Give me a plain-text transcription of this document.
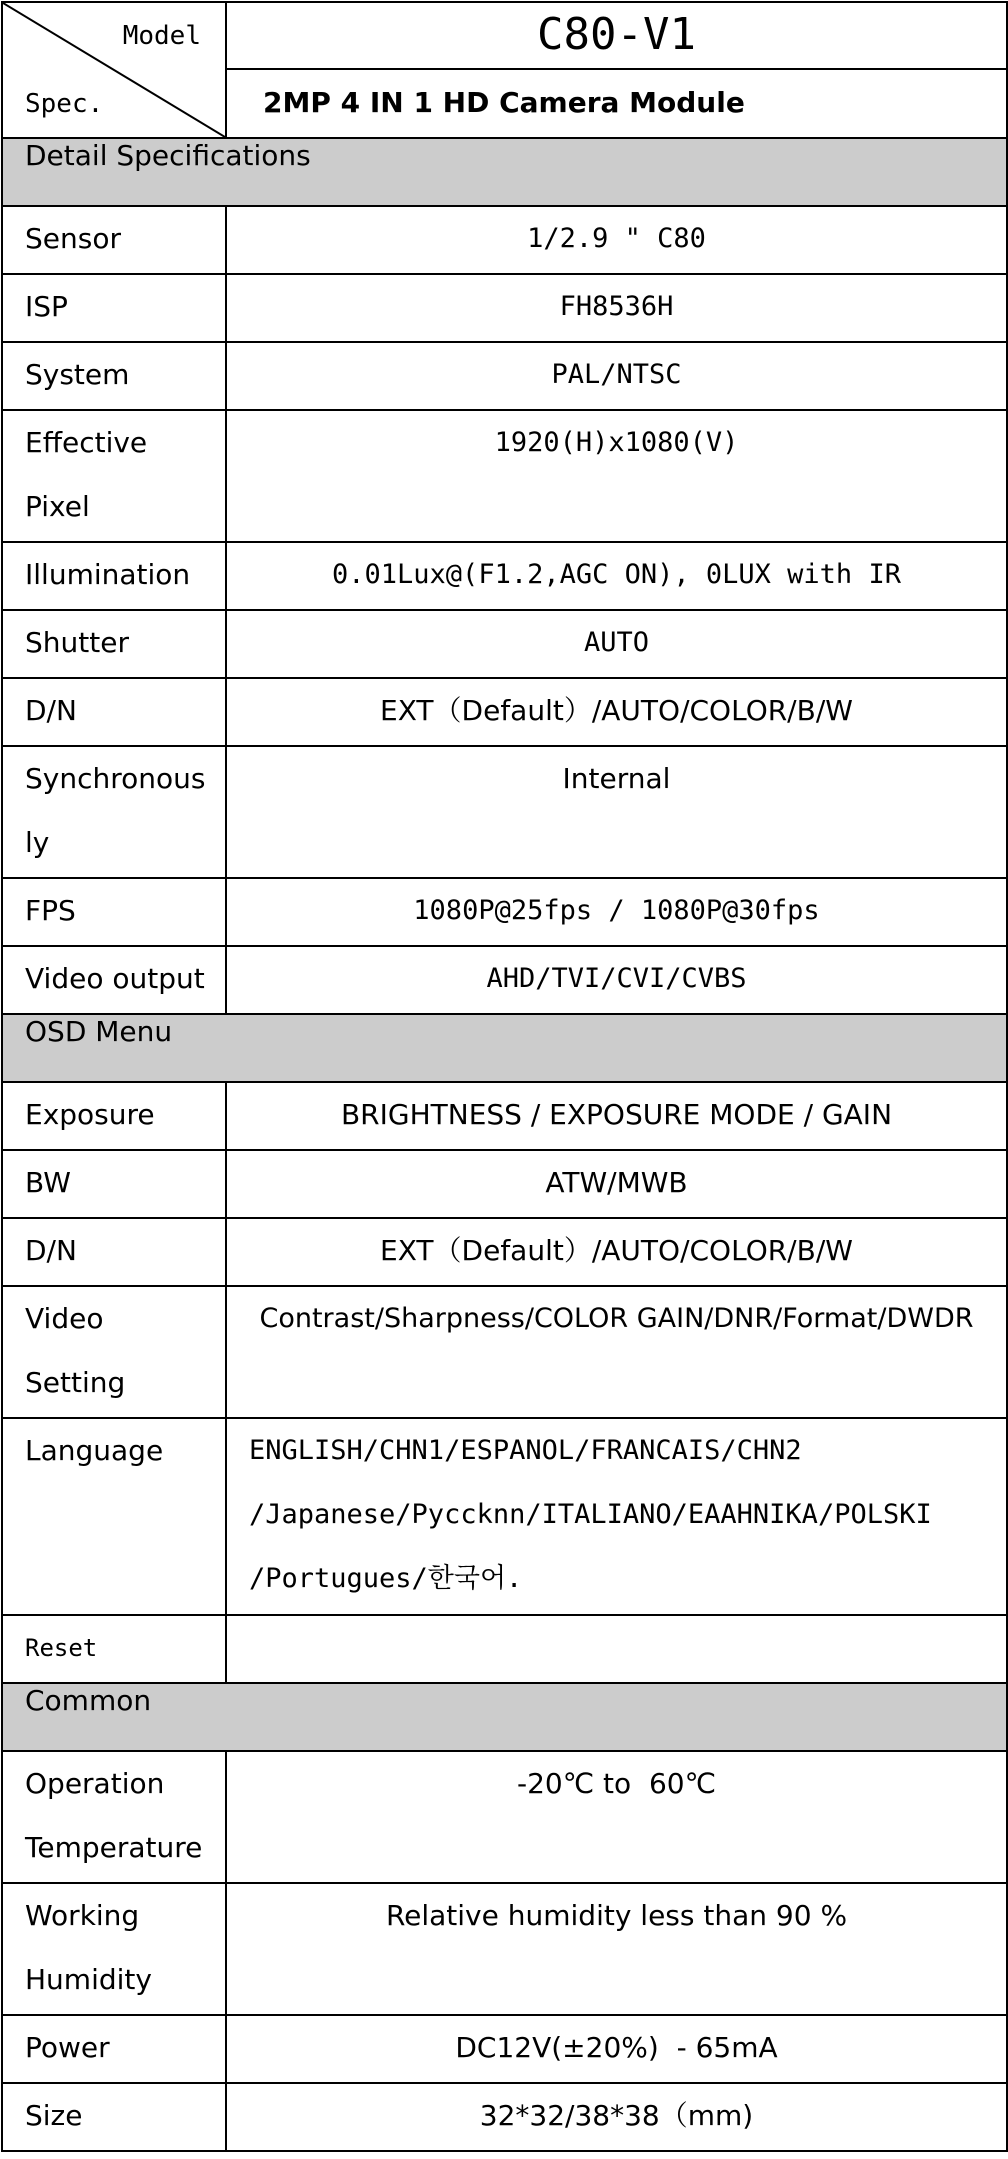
Model
Spec.	C80-V1
	2MP 4 IN 1 HD Camera Module
Detail Specifications	
Sensor	1/2.9 " C80
ISP	FH8536H
System	PAL/NTSC

Effective
Pixel	1920(H)x1080(V)
Illumination	0.01Lux@(F1.2,AGC ON), 0LUX with IR
Shutter	AUTO
D/N	EXT（Default）/AUTO/COLOR/B/W

Synchronous
ly	Internal
FPS	1080P@25fps / 1080P@30fps
Video output	AHD/TVI/CVI/CVBS
OSD Menu	
Exposure	BRIGHTNESS / EXPOSURE MODE / GAIN
BW	ATW/MWB
D/N	EXT（Default）/AUTO/COLOR/B/W

Video
Setting	Contrast/Sharpness/COLOR GAIN/DNR/Format/DWDR
Language	ENGLISH/CHN1/ESPANOL/FRANCAIS/CHN2
/Japanese/Pyccknn/ITALIANO/EAAHNIKA/POLSKI
/Portugues/한국어.

Reset	
Common	

Operation
Temperature	-20℃ to  60℃

Working
Humidity	Relative humidity less than 90 %
Power	DC12V(±20%)  - 65mA
Size	32*32/38*38（mm)
